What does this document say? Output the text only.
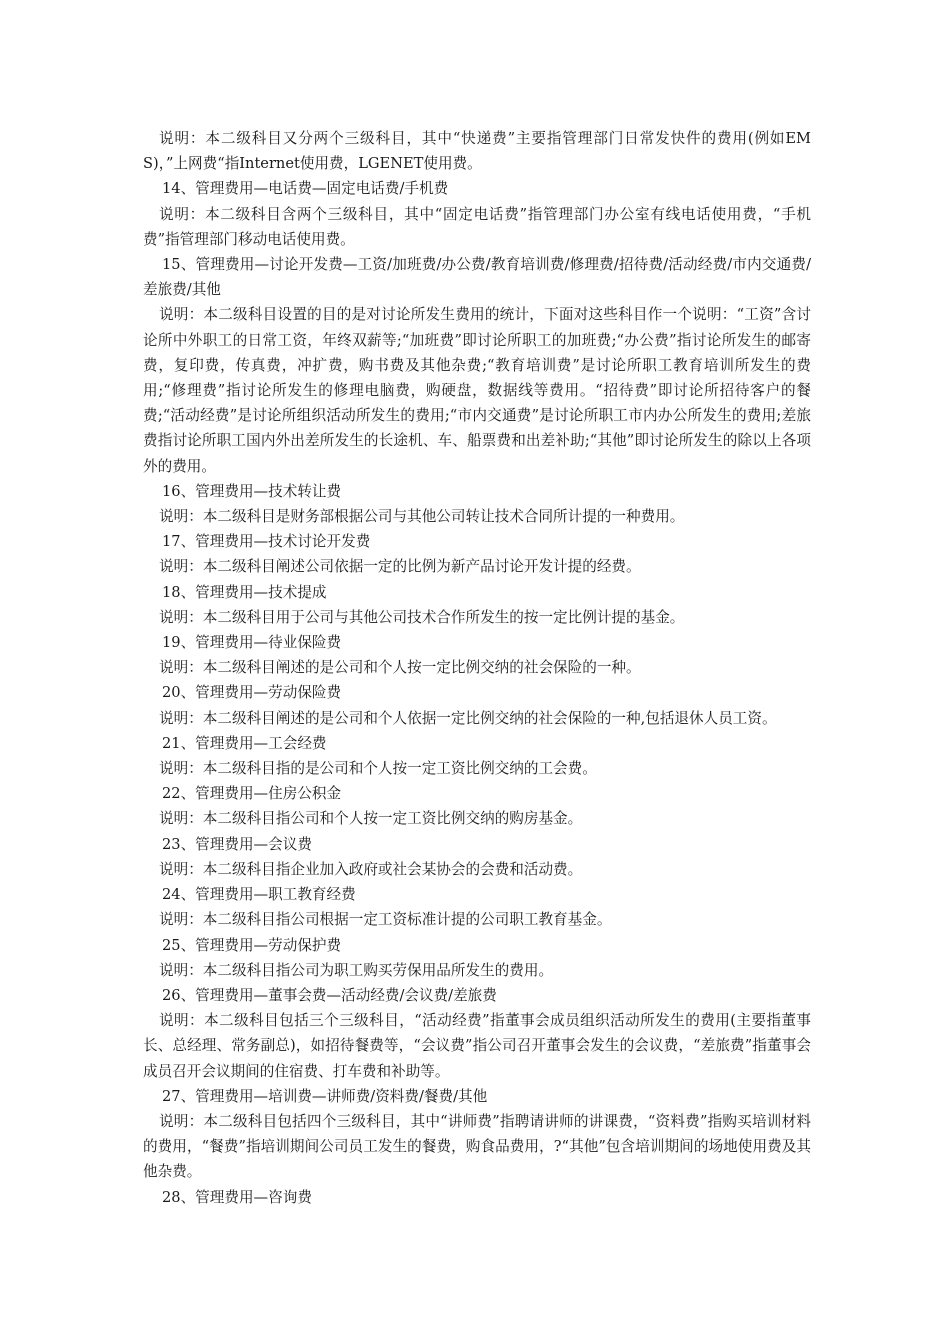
说明：本二级科目又分两个三级科目，其中“快递费”主要指管理部门日常发快件的费用(例如EMS)，”上网费“指Internet使用费，LGENET使用费。

14、管理费用—电话费—固定电话费/手机费

说明：本二级科目含两个三级科目，其中“固定电话费”指管理部门办公室有线电话使用费，“手机费”指管理部门移动电话使用费。

15、管理费用—讨论开发费—工资/加班费/办公费/教育培训费/修理费/招待费/活动经费/市内交通费/差旅费/其他

说明：本二级科目设置的目的是对讨论所发生费用的统计，下面对这些科目作一个说明：“工资”含讨论所中外职工的日常工资，年终双薪等;“加班费”即讨论所职工的加班费;“办公费”指讨论所发生的邮寄费，复印费，传真费，冲扩费，购书费及其他杂费;“教育培训费”是讨论所职工教育培训所发生的费用;“修理费”指讨论所发生的修理电脑费，购硬盘，数据线等费用。“招待费”即讨论所招待客户的餐费;“活动经费”是讨论所组织活动所发生的费用;“市内交通费”是讨论所职工市内办公所发生的费用;差旅费指讨论所职工国内外出差所发生的长途机、车、船票费和出差补助;“其他”即讨论所发生的除以上各项外的费用。

16、管理费用—技术转让费

说明：本二级科目是财务部根据公司与其他公司转让技术合同所计提的一种费用。

17、管理费用—技术讨论开发费

说明：本二级科目阐述公司依据一定的比例为新产品讨论开发计提的经费。

18、管理费用—技术提成

说明：本二级科目用于公司与其他公司技术合作所发生的按一定比例计提的基金。

19、管理费用—待业保险费

说明：本二级科目阐述的是公司和个人按一定比例交纳的社会保险的一种。

20、管理费用—劳动保险费

说明：本二级科目阐述的是公司和个人依据一定比例交纳的社会保险的一种,包括退休人员工资。

21、管理费用—工会经费

说明：本二级科目指的是公司和个人按一定工资比例交纳的工会费。

22、管理费用—住房公积金

说明：本二级科目指公司和个人按一定工资比例交纳的购房基金。

23、管理费用—会议费

说明：本二级科目指企业加入政府或社会某协会的会费和活动费。

24、管理费用—职工教育经费

说明：本二级科目指公司根据一定工资标准计提的公司职工教育基金。

25、管理费用—劳动保护费

说明：本二级科目指公司为职工购买劳保用品所发生的费用。

26、管理费用—董事会费—活动经费/会议费/差旅费

说明：本二级科目包括三个三级科目，“活动经费”指董事会成员组织活动所发生的费用(主要指董事长、总经理、常务副总)，如招待餐费等，“会议费”指公司召开董事会发生的会议费，“差旅费”指董事会成员召开会议期间的住宿费、打车费和补助等。

27、管理费用—培训费—讲师费/资料费/餐费/其他

说明：本二级科目包括四个三级科目，其中“讲师费”指聘请讲师的讲课费，“资料费”指购买培训材料的费用，“餐费”指培训期间公司员工发生的餐费，购食品费用，?“其他”包含培训期间的场地使用费及其他杂费。

28、管理费用—咨询费
